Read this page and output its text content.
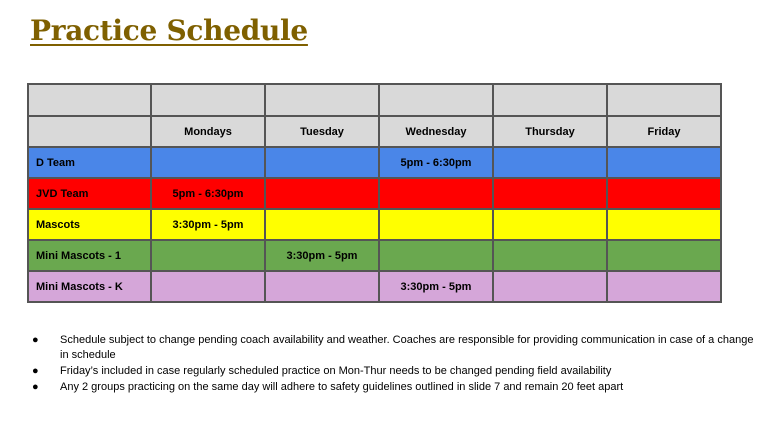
Practice Schedule

	Mondays	Tuesday	Wednesday	Thursday	Friday
D Team			5pm - 6:30pm		
JVD Team	5pm - 6:30pm				
Mascots	3:30pm - 5pm				
Mini Mascots - 1		3:30pm - 5pm			
Mini Mascots - K			3:30pm - 5pm		
● Schedule subject to change pending coach availability and weather. Coaches are responsible for providing communication in case of a change in schedule
● Friday’s included in case regularly scheduled practice on Mon-Thur needs to be changed pending field availability
● Any 2 groups practicing on the same day will adhere to safety guidelines outlined in slide 7 and remain 20 feet apart
